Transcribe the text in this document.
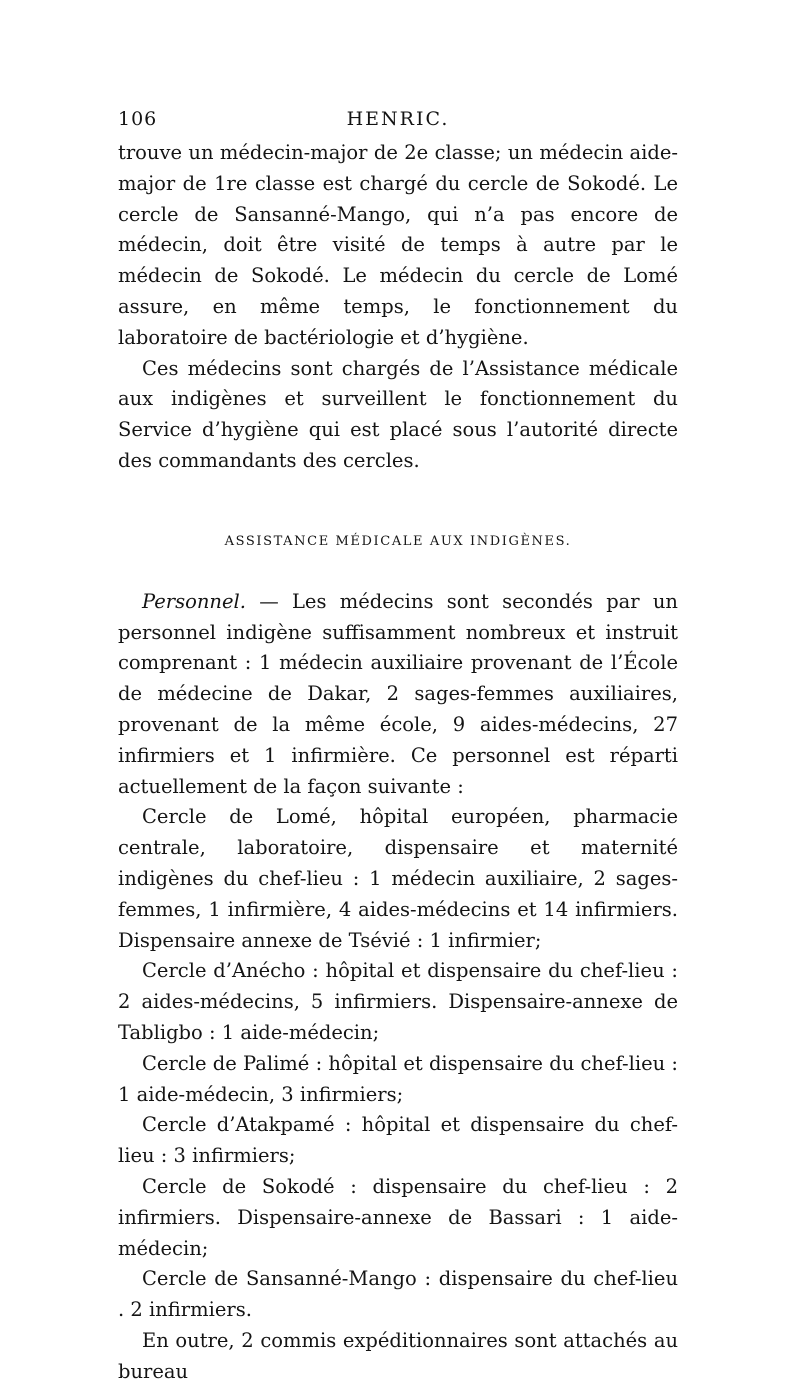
106	HENRIC.

trouve un médecin-major de 2e classe; un médecin aide-major de 1re classe est chargé du cercle de Sokodé. Le cercle de Sansanné-Mango, qui n’a pas encore de médecin, doit être visité de temps à autre par le médecin de Sokodé. Le médecin du cercle de Lomé assure, en même temps, le fonctionnement du laboratoire de bactériologie et d’hygiène.

Ces médecins sont chargés de l’Assistance médicale aux indigènes et surveillent le fonctionnement du Service d’hygiène qui est placé sous l’autorité directe des commandants des cercles.

ASSISTANCE MÉDICALE AUX INDIGÈNES.

Personnel. — Les médecins sont secondés par un personnel indigène suffisamment nombreux et instruit comprenant : 1 médecin auxiliaire provenant de l’École de médecine de Dakar, 2 sages-femmes auxiliaires, provenant de la même école, 9 aides-médecins, 27 infirmiers et 1 infirmière. Ce personnel est réparti actuellement de la façon suivante :

Cercle de Lomé, hôpital européen, pharmacie centrale, laboratoire, dispensaire et maternité indigènes du chef-lieu : 1 médecin auxiliaire, 2 sages-femmes, 1 infirmière, 4 aides-médecins et 14 infirmiers. Dispensaire annexe de Tsévié : 1 infirmier;

Cercle d’Anécho : hôpital et dispensaire du chef-lieu : 2 aides-médecins, 5 infirmiers. Dispensaire-annexe de Tabligbo : 1 aide-médecin;

Cercle de Palimé : hôpital et dispensaire du chef-lieu : 1 aide-médecin, 3 infirmiers;

Cercle d’Atakpamé : hôpital et dispensaire du chef-lieu : 3 infirmiers;

Cercle de Sokodé : dispensaire du chef-lieu : 2 infirmiers. Dispensaire-annexe de Bassari : 1 aide-médecin;

Cercle de Sansanné-Mango : dispensaire du chef-lieu . 2 infirmiers.

En outre, 2 commis expéditionnaires sont attachés au bureau
